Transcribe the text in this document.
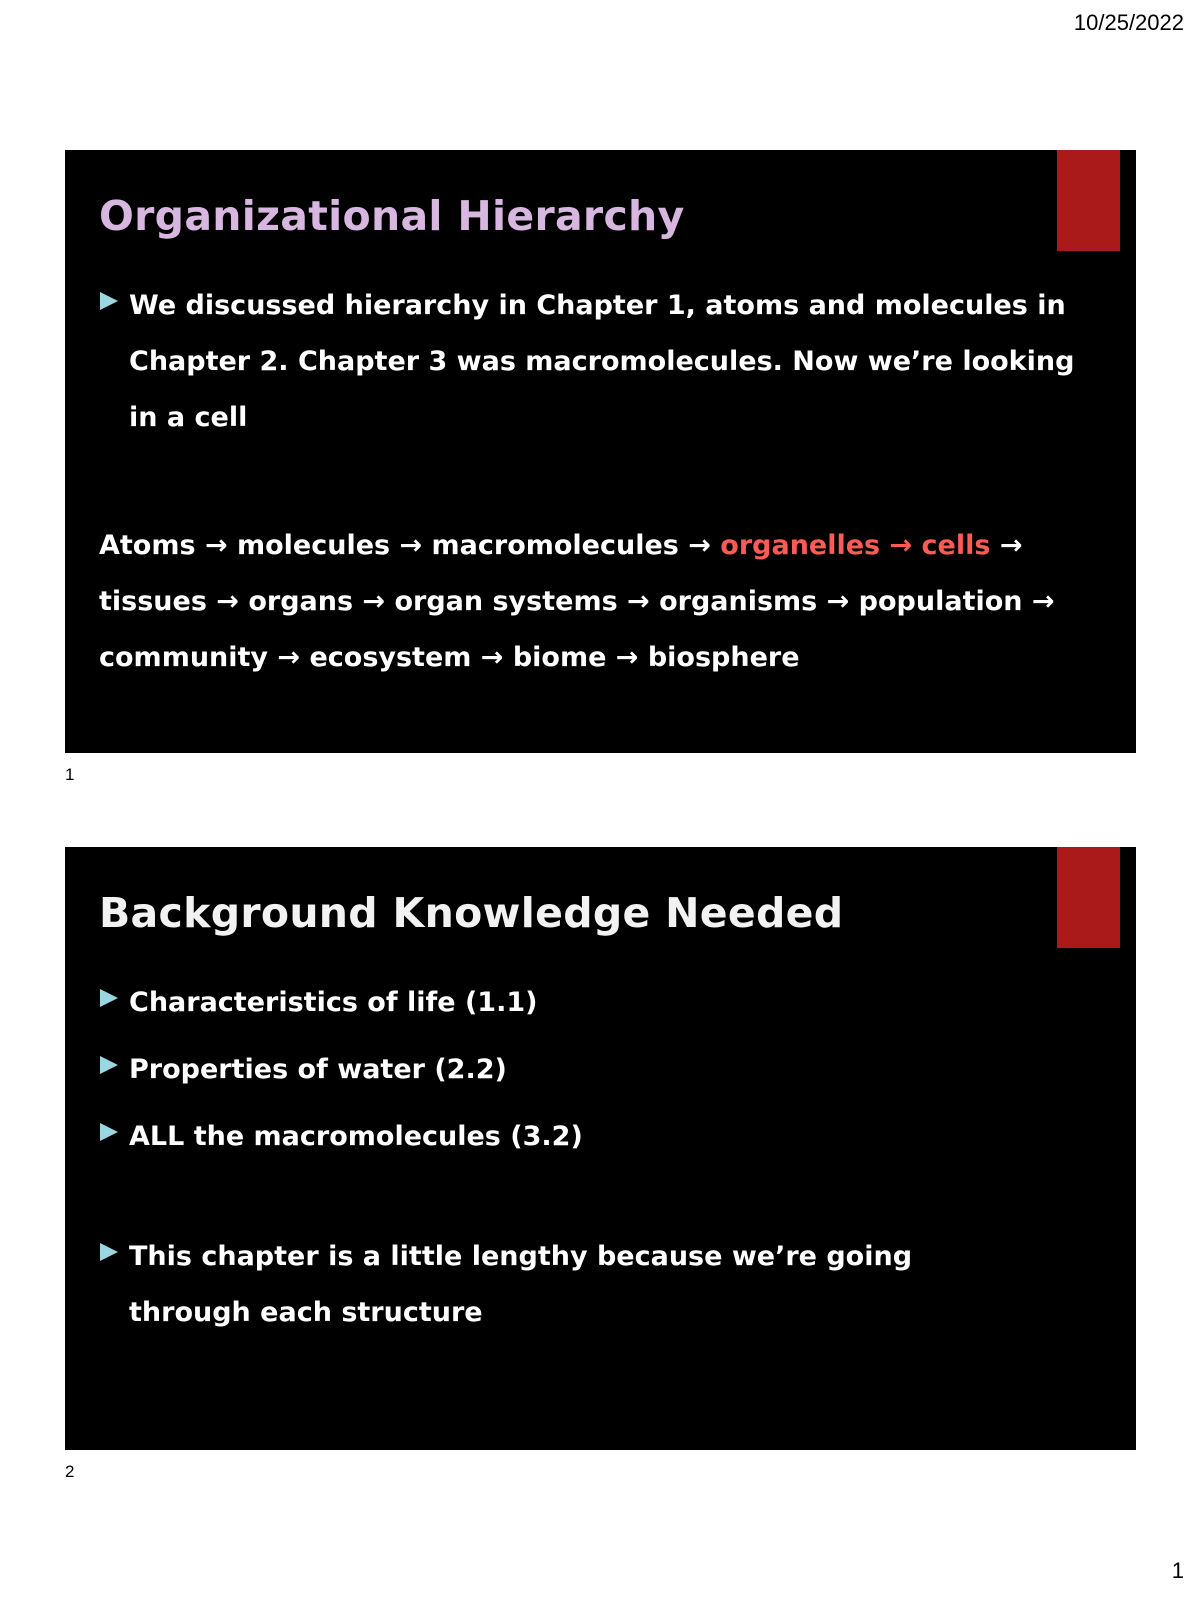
10/25/2022
Organizational Hierarchy
We discussed hierarchy in Chapter 1, atoms and molecules in Chapter 2. Chapter 3 was macromolecules. Now we’re looking in a cell
Atoms → molecules → macromolecules → organelles → cells →
tissues → organs → organ systems → organisms → population →
community → ecosystem → biome → biosphere
1
Background Knowledge Needed
Characteristics of life (1.1)
Properties of water (2.2)
ALL the macromolecules (3.2)
This chapter is a little lengthy because we’re going through each structure
2
1
